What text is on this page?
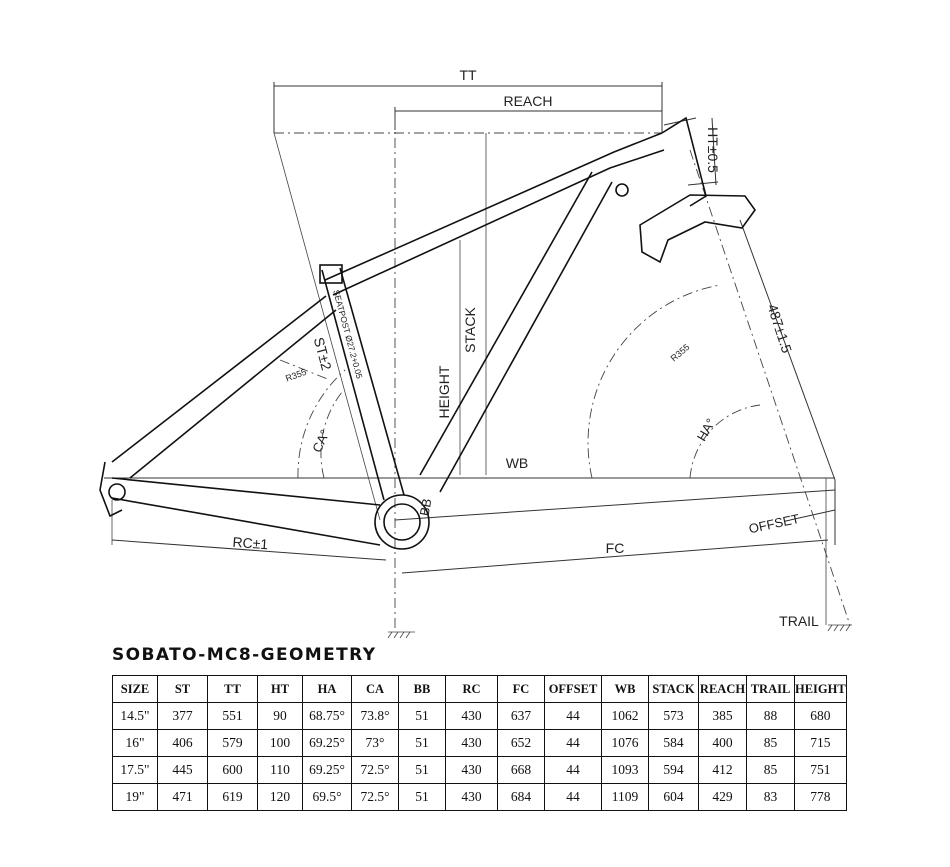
TT
REACH
HT±0.5
487±1.5
R355
R355	SEATPOST Ø27.2+0.05
ST±2
STACK
HEIGHT
CA°	HA°
WB
BB
OFFSET
RC±1	FC
TRAIL
SOBATO-MC8-GEOMETRY
SIZE	ST	TT	HT	HA	CA	BB	RC	FC	OFFSET	WB	STACK	REACH	TRAIL	HEIGHT
14.5"	377	551	90	68.75°	73.8°	51	430	637	44	1062	573	385	88	680
16"	406	579	100	69.25°	73°	51	430	652	44	1076	584	400	85	715
17.5"	445	600	110	69.25°	72.5°	51	430	668	44	1093	594	412	85	751
19"	471	619	120	69.5°	72.5°	51	430	684	44	1109	604	429	83	778
